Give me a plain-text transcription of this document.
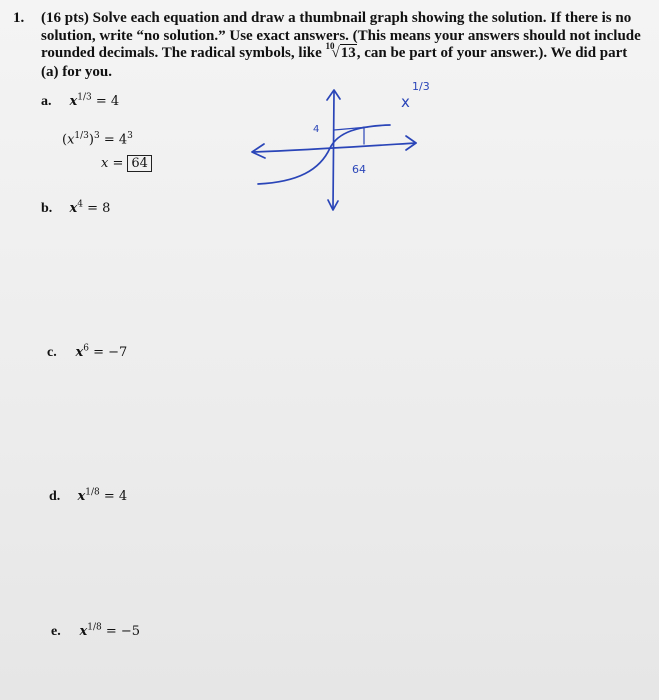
1. (16 pts) Solve each equation and draw a thumbnail graph showing the solution. If there is no solution, write “no solution.” Use exact answers. (This means your answers should not include rounded decimals. The radical symbols, like $^{10}$√13, can be part of your answer.). We did part (a) for you.
a. $x^{1/3} = 4$
$(x^{1/3})^3 = 4^3$
x = 64
x
1/3
4
64
b. $x^4 = 8$
c. $x^6 = -7$
d. $x^{1/8} = 4$
e. $x^{1/8} = -5$
